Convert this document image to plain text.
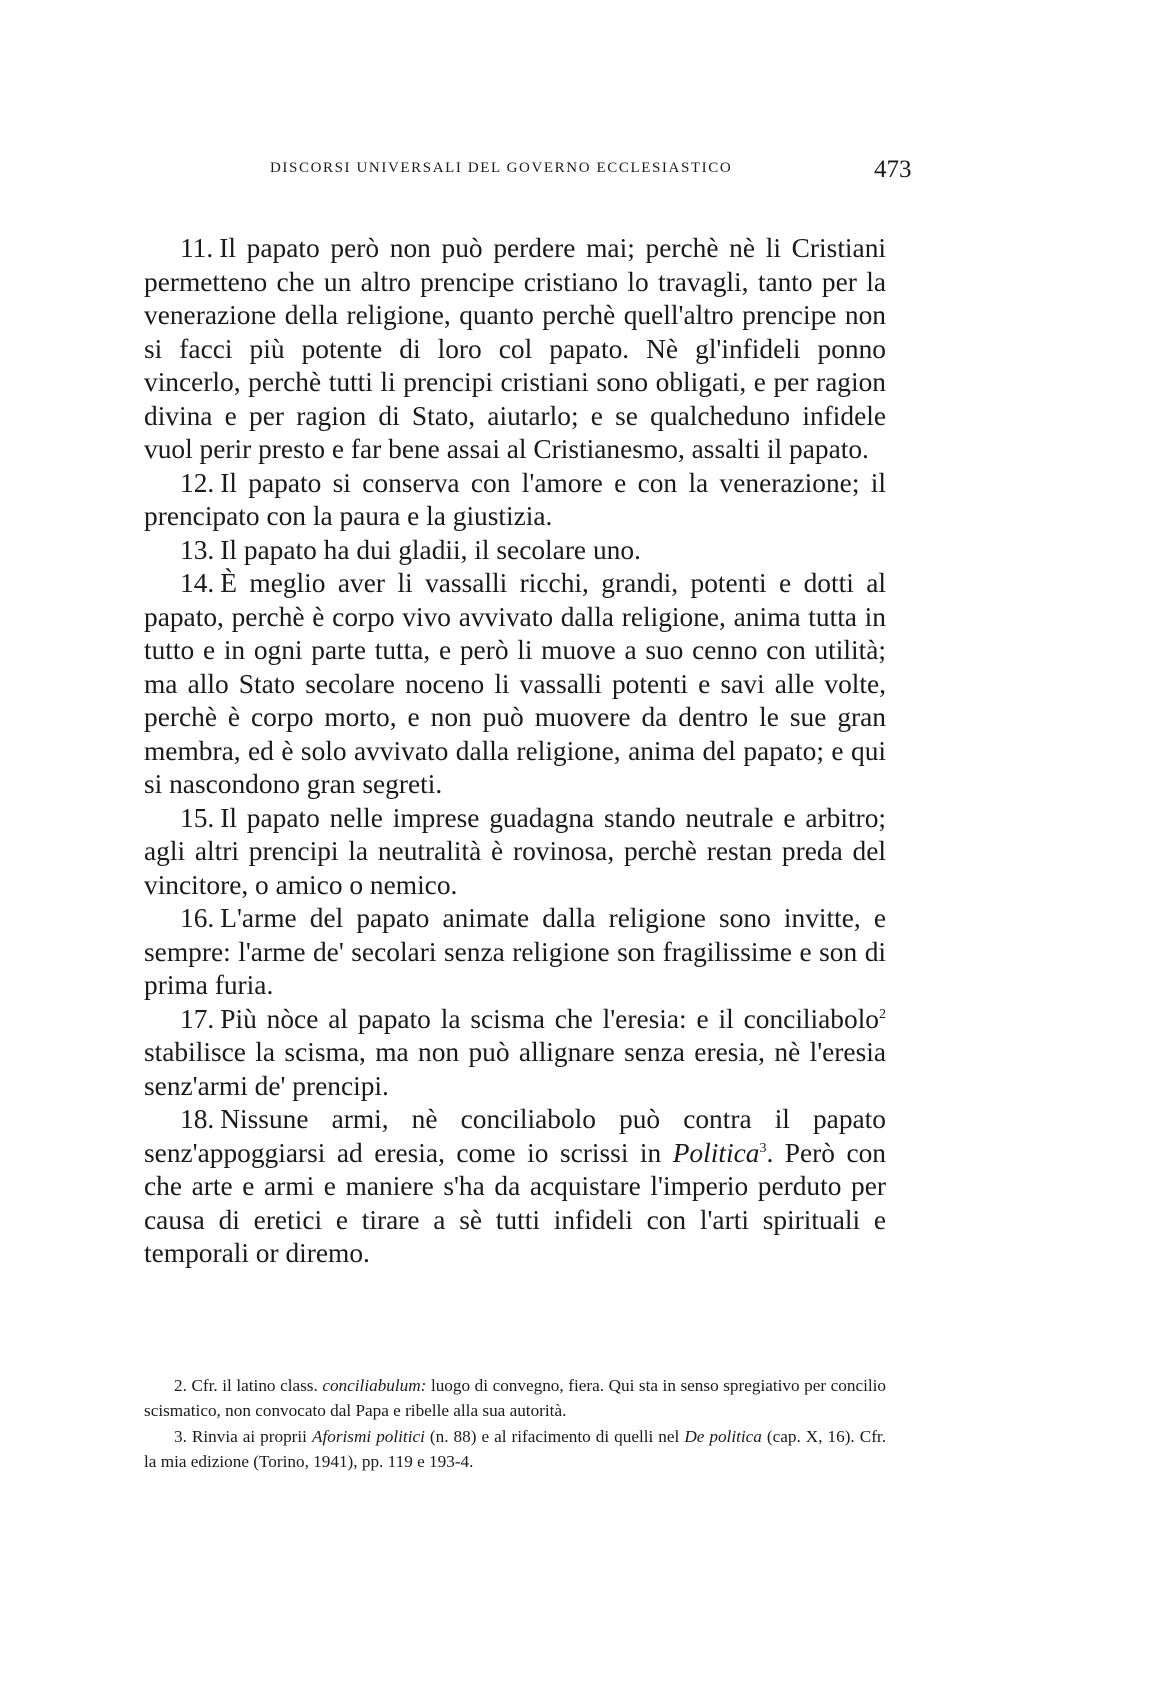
DISCORSI UNIVERSALI DEL GOVERNO ECCLESIASTICO	473

11. Il papato però non può perdere mai; perchè nè li Cristiani permetteno che un altro prencipe cristiano lo travagli, tanto per la venerazione della religione, quanto perchè quell'altro prencipe non si facci più potente di loro col papato. Nè gl'infideli ponno vincerlo, perchè tutti li prencipi cristiani sono obligati, e per ragion divina e per ragion di Stato, aiutarlo; e se qualcheduno infidele vuol perir presto e far bene assai al Cristianesmo, assalti il papato.

12. Il papato si conserva con l'amore e con la venerazione; il prencipato con la paura e la giustizia.

13. Il papato ha dui gladii, il secolare uno.

14. È meglio aver li vassalli ricchi, grandi, potenti e dotti al papato, perchè è corpo vivo avvivato dalla religione, anima tutta in tutto e in ogni parte tutta, e però li muove a suo cenno con utilità; ma allo Stato secolare noceno li vassalli potenti e savi alle volte, perchè è corpo morto, e non può muovere da dentro le sue gran membra, ed è solo avvivato dalla religione, anima del papato; e qui si nascondono gran segreti.

15. Il papato nelle imprese guadagna stando neutrale e arbitro; agli altri prencipi la neutralità è rovinosa, perchè restan preda del vincitore, o amico o nemico.

16. L'arme del papato animate dalla religione sono invitte, e sempre: l'arme de' secolari senza religione son fragilissime e son di prima furia.

17. Più nòce al papato la scisma che l'eresia: e il conciliabolo$^2$ stabilisce la scisma, ma non può allignare senza eresia, nè l'eresia senz'armi de' prencipi.

18. Nissune armi, nè conciliabolo può contra il papato senz'appoggiarsi ad eresia, come io scrissi in Politica$^3$. Però con che arte e armi e maniere s'ha da acquistare l'imperio perduto per causa di eretici e tirare a sè tutti infideli con l'arti spirituali e temporali or diremo.

2. Cfr. il latino class. conciliabulum: luogo di convegno, fiera. Qui sta in senso spregiativo per concilio scismatico, non convocato dal Papa e ribelle alla sua autorità.

3. Rinvia ai proprii Aforismi politici (n. 88) e al rifacimento di quelli nel De politica (cap. X, 16). Cfr. la mia edizione (Torino, 1941), pp. 119 e 193-4.
